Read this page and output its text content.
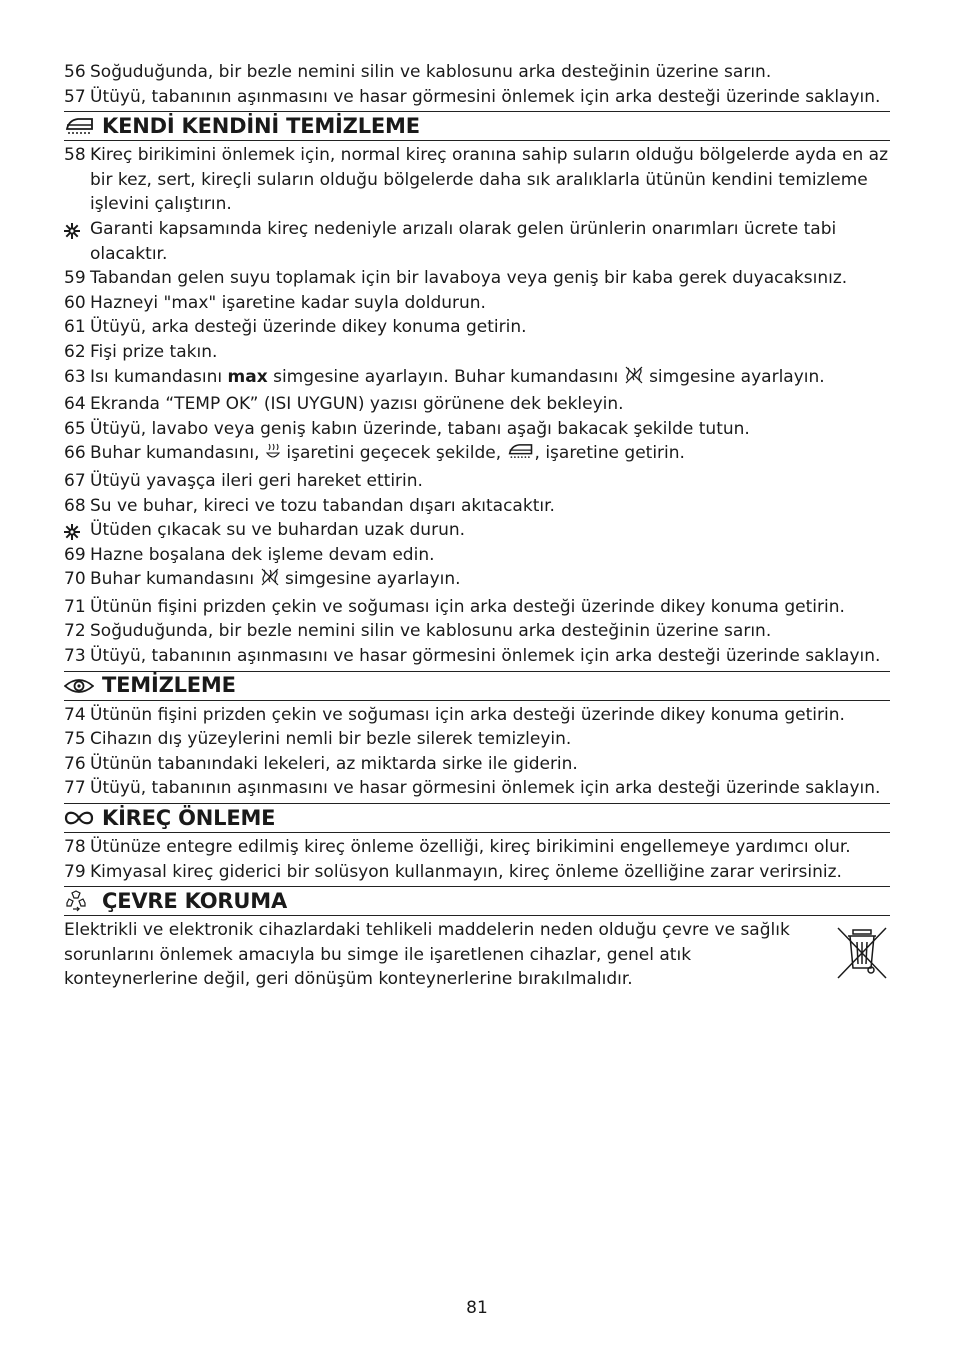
56 Soğuduğunda, bir bezle nemini silin ve kablosunu arka desteğinin üzerine sarın.
57 Ütüyü, tabanının aşınmasını ve hasar görmesini önlemek için arka desteği üzerinde saklayın.
KENDİ KENDİNİ TEMİZLEME
58 Kireç birikimini önlemek için, normal kireç oranına sahip suların olduğu bölgelerde ayda en az bir kez, sert, kireçli suların olduğu bölgelerde daha sık aralıklarla ütünün kendini temizleme işlevini çalıştırın.
Garanti kapsamında kireç nedeniyle arızalı olarak gelen ürünlerin onarımları ücrete tabi olacaktır.
59 Tabandan gelen suyu toplamak için bir lavaboya veya geniş bir kaba gerek duyacaksınız.
60 Hazneyi "max" işaretine kadar suyla doldurun.
61 Ütüyü, arka desteği üzerinde dikey konuma getirin.
62 Fişi prize takın.
63 Isı kumandasını max simgesine ayarlayın. Buhar kumandasını  simgesine ayarlayın.
64 Ekranda “TEMP OK” (ISI UYGUN) yazısı görünene dek bekleyin.
65 Ütüyü, lavabo veya geniş kabın üzerinde, tabanı aşağı bakacak şekilde tutun.
66 Buhar kumandasını,  işaretini geçecek şekilde, , işaretine getirin.
67 Ütüyü yavaşça ileri geri hareket ettirin.
68 Su ve buhar, kireci ve tozu tabandan dışarı akıtacaktır.
Ütüden çıkacak su ve buhardan uzak durun.
69 Hazne boşalana dek işleme devam edin.
70 Buhar kumandasını  simgesine ayarlayın.
71 Ütünün fişini prizden çekin ve soğuması için arka desteği üzerinde dikey konuma getirin.
72 Soğuduğunda, bir bezle nemini silin ve kablosunu arka desteğinin üzerine sarın.
73 Ütüyü, tabanının aşınmasını ve hasar görmesini önlemek için arka desteği üzerinde saklayın.
TEMİZLEME
74 Ütünün fişini prizden çekin ve soğuması için arka desteği üzerinde dikey konuma getirin.
75 Cihazın dış yüzeylerini nemli bir bezle silerek temizleyin.
76 Ütünün tabanındaki lekeleri, az miktarda sirke ile giderin.
77 Ütüyü, tabanının aşınmasını ve hasar görmesini önlemek için arka desteği üzerinde saklayın.
KİREÇ ÖNLEME
78 Ütünüze entegre edilmiş kireç önleme özelliği, kireç birikimini engellemeye yardımcı olur.
79 Kimyasal kireç giderici bir solüsyon kullanmayın, kireç önleme özelliğine zarar verirsiniz.
ÇEVRE KORUMA
Elektrikli ve elektronik cihazlardaki tehlikeli maddelerin neden olduğu çevre ve sağlık sorunlarını önlemek amacıyla bu simge ile işaretlenen cihazlar, genel atık konteynerlerine değil, geri dönüşüm konteynerlerine bırakılmalıdır.
81
